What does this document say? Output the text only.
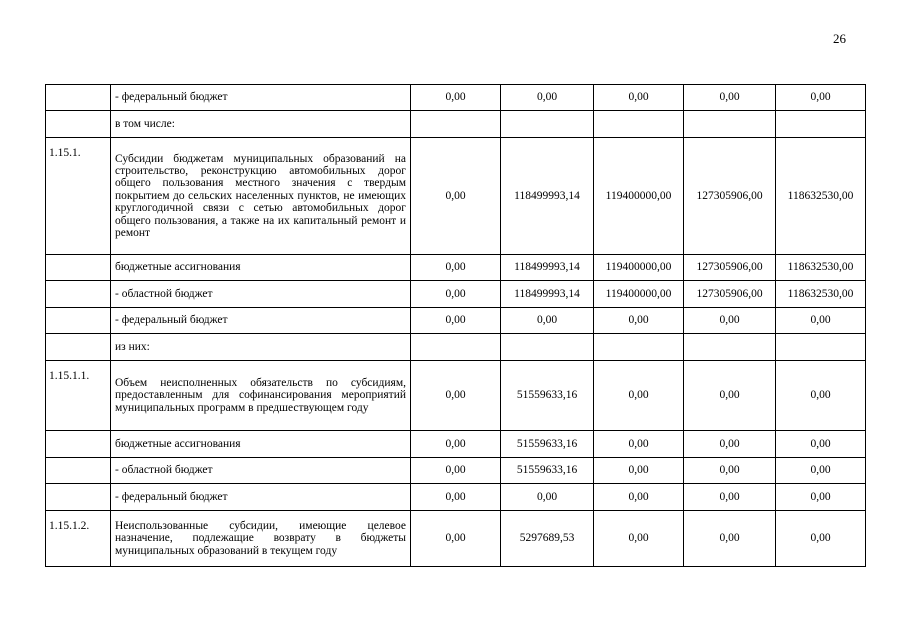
26
	- федеральный бюджет	0,00	0,00	0,00	0,00	0,00
	в том числе:					
1.15.1.	Субсидии бюджетам муниципальных образований на строительство, реконструкцию автомобильных дорог общего пользования местного значения с твердым покрытием до сельских населенных пунктов, не имеющих круглогодичной связи с сетью автомобильных дорог общего пользования, а также на их капитальный ремонт и ремонт	0,00	118499993,14	119400000,00	127305906,00	118632530,00
	бюджетные ассигнования	0,00	118499993,14	119400000,00	127305906,00	118632530,00
	- областной бюджет	0,00	118499993,14	119400000,00	127305906,00	118632530,00
	- федеральный бюджет	0,00	0,00	0,00	0,00	0,00
	из них:					
1.15.1.1.	Объем неисполненных обязательств по субсидиям, предоставленным для софинансирования мероприятий муниципальных программ в предшествующем году	0,00	51559633,16	0,00	0,00	0,00
	бюджетные ассигнования	0,00	51559633,16	0,00	0,00	0,00
	- областной бюджет	0,00	51559633,16	0,00	0,00	0,00
	- федеральный бюджет	0,00	0,00	0,00	0,00	0,00
1.15.1.2.	Неиспользованные субсидии, имеющие целевое назначение, подлежащие возврату в бюджеты муниципальных образований в текущем году	0,00	5297689,53	0,00	0,00	0,00
